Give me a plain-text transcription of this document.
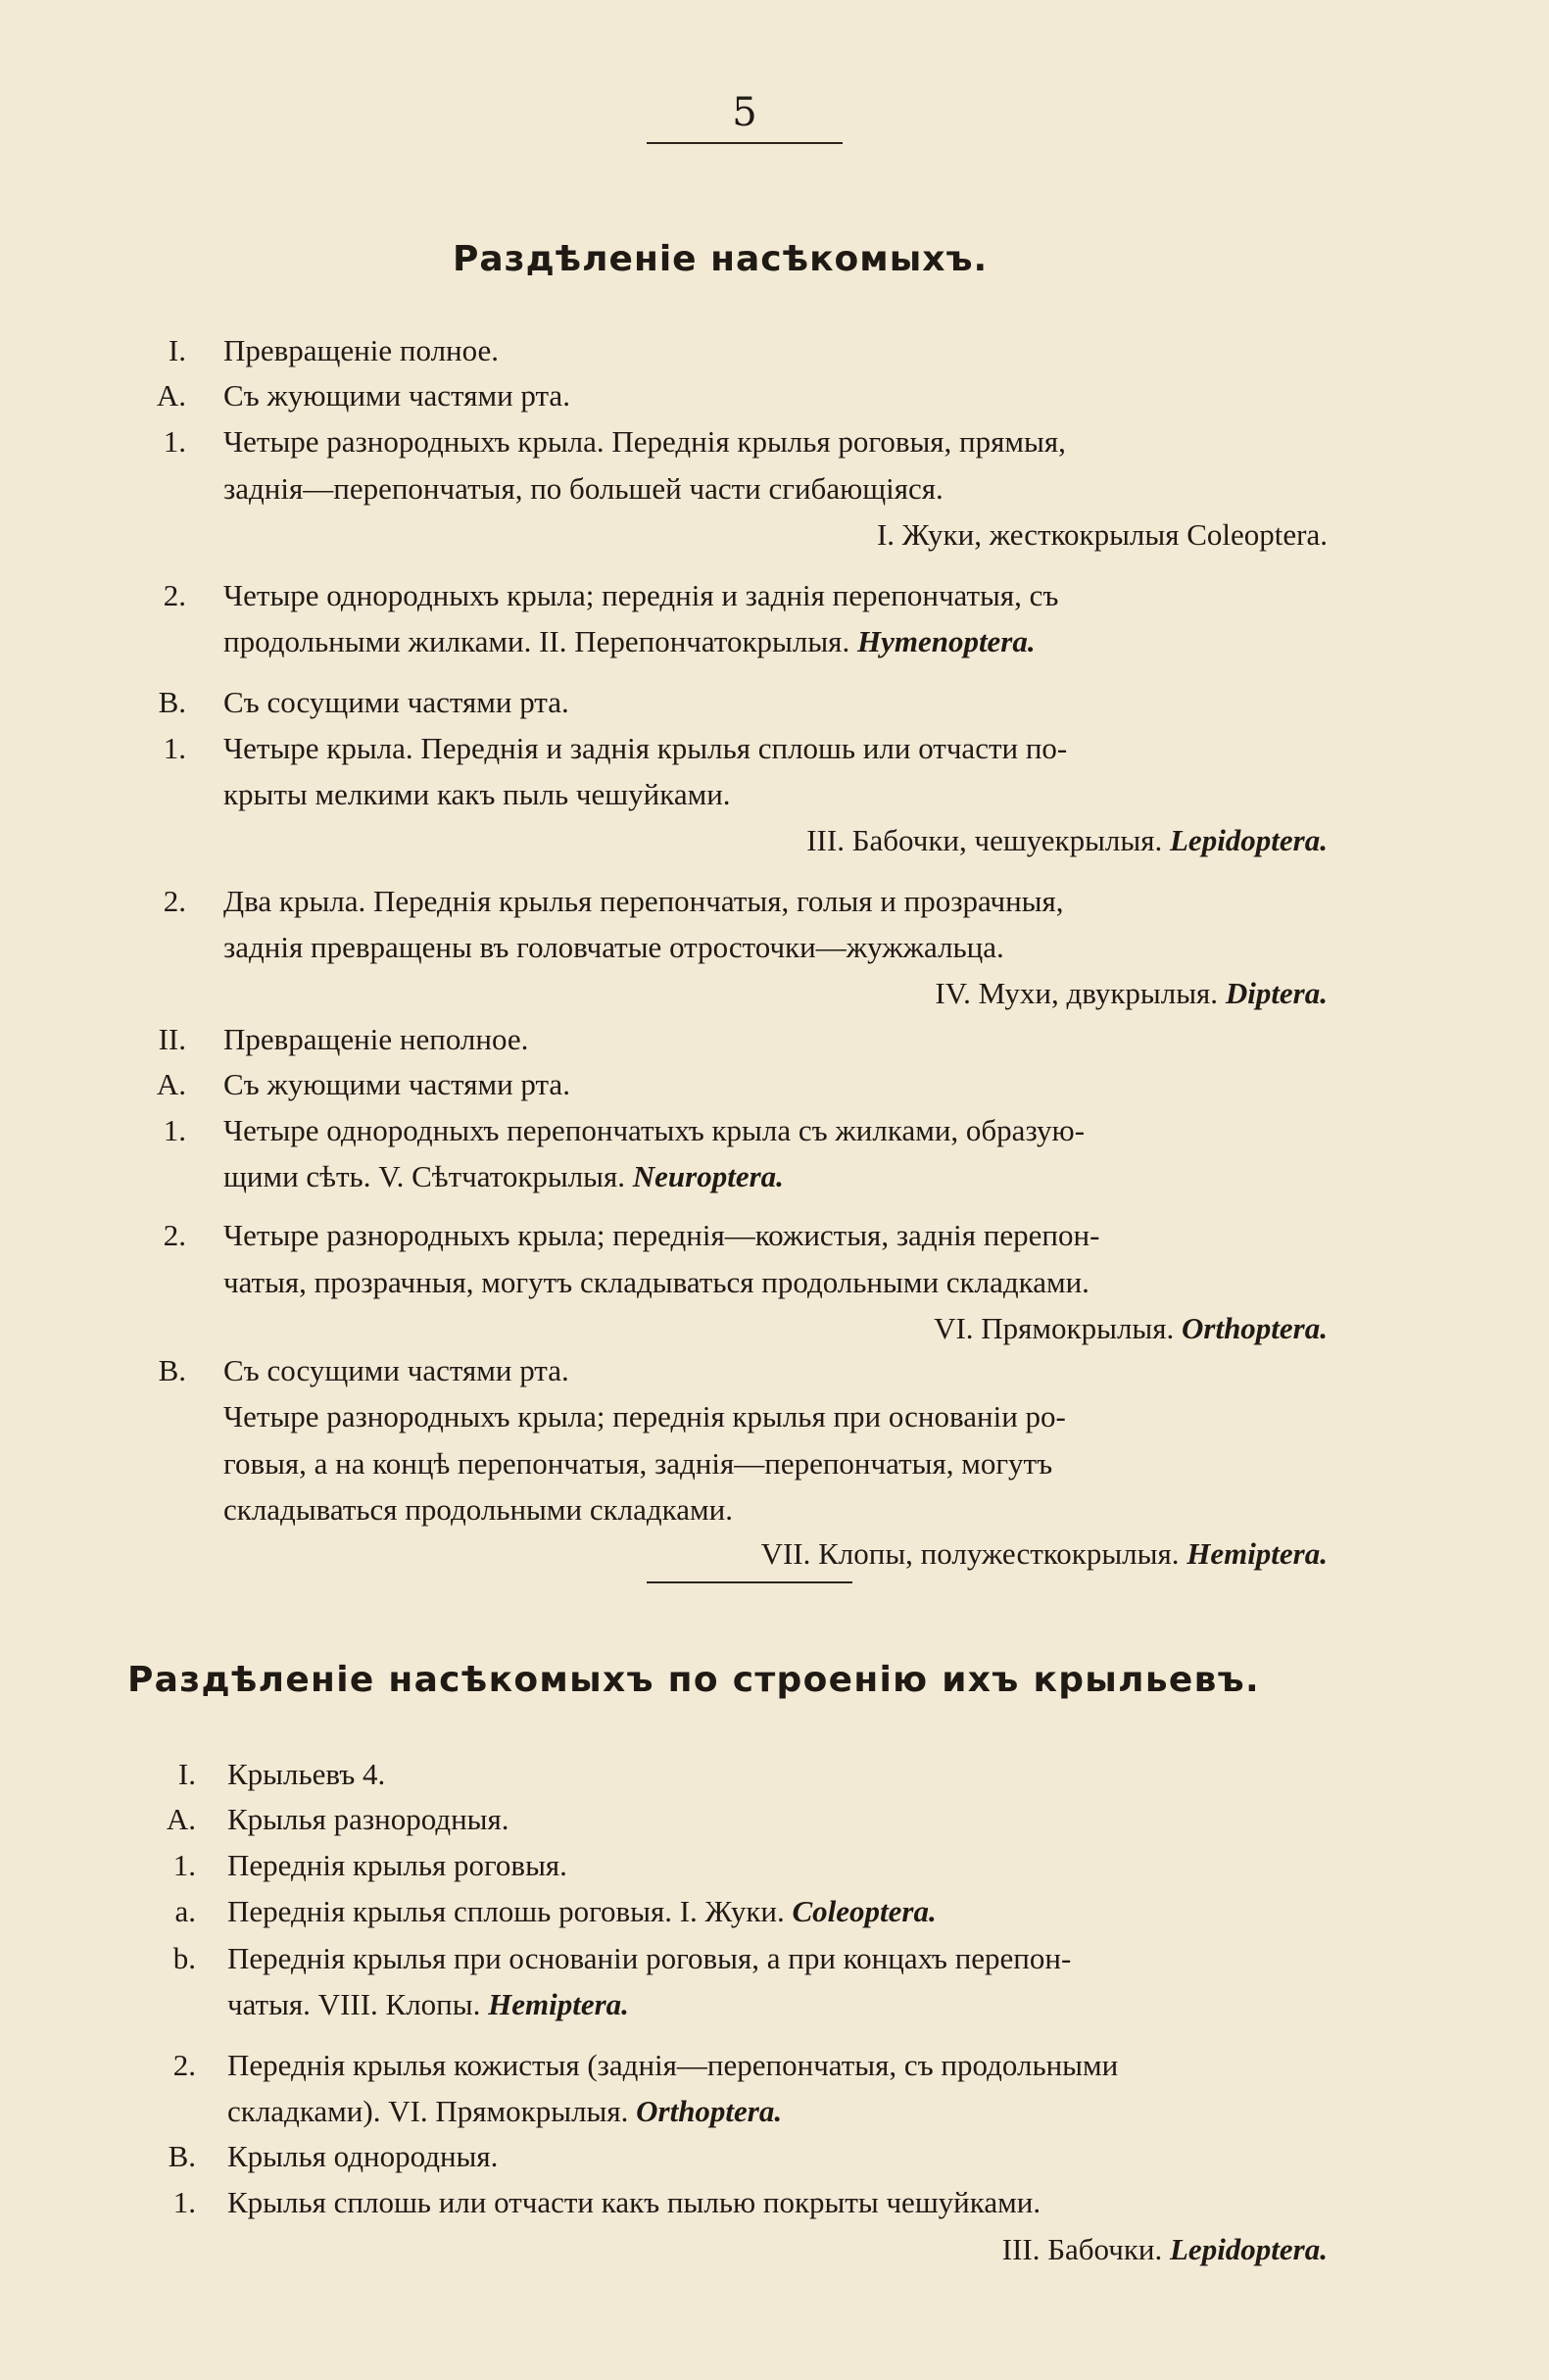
5
Раздѣленіе насѣкомыхъ.
I. Превращеніе полное.
A. Съ жующими частями рта.
1. Четыре разнородныхъ крыла. Переднія крылья роговыя, прямыя,
заднія—перепончатыя, по большей части сгибающіяся.
I. Жуки, жесткокрылыя Coleoptera.
2. Четыре однородныхъ крыла; переднія и заднія перепончатыя, съ
продольными жилками. II. Перепончатокрылыя. Hymenoptera.
B. Съ сосущими частями рта.
1. Четыре крыла. Переднія и заднія крылья сплошь или отчасти по-
крыты мелкими какъ пыль чешуйками.
III. Бабочки, чешуекрылыя. Lepidoptera.
2. Два крыла. Переднія крылья перепончатыя, голыя и прозрачныя,
заднія превращены въ головчатые отросточки—жужжальца.
IV. Мухи, двукрылыя. Diptera.
II. Превращеніе неполное.
A. Съ жующими частями рта.
1. Четыре однородныхъ перепончатыхъ крыла съ жилками, образую-
щими сѣть. V. Сѣтчатокрылыя. Neuroptera.
2. Четыре разнородныхъ крыла; переднія—кожистыя, заднія перепон-
чатыя, прозрачныя, могутъ складываться продольными складками.
VI. Прямокрылыя. Orthoptera.
B. Съ сосущими частями рта.
Четыре разнородныхъ крыла; переднія крылья при основаніи ро-
говыя, а на концѣ перепончатыя, заднія—перепончатыя, могутъ
складываться продольными складками.
VII. Клопы, полужесткокрылыя. Hemiptera.
Раздѣленіе насѣкомыхъ по строенію ихъ крыльевъ.
I. Крыльевъ 4.
A. Крылья разнородныя.
1. Переднія крылья роговыя.
a. Переднія крылья сплошь роговыя. I. Жуки. Coleoptera.
b. Переднія крылья при основаніи роговыя, а при концахъ перепон-
чатыя. VIII. Клопы. Hemiptera.
2. Переднія крылья кожистыя (заднія—перепончатыя, съ продольными
складками). VI. Прямокрылыя. Orthoptera.
B. Крылья однородныя.
1. Крылья сплошь или отчасти какъ пылью покрыты чешуйками.
III. Бабочки. Lepidoptera.
